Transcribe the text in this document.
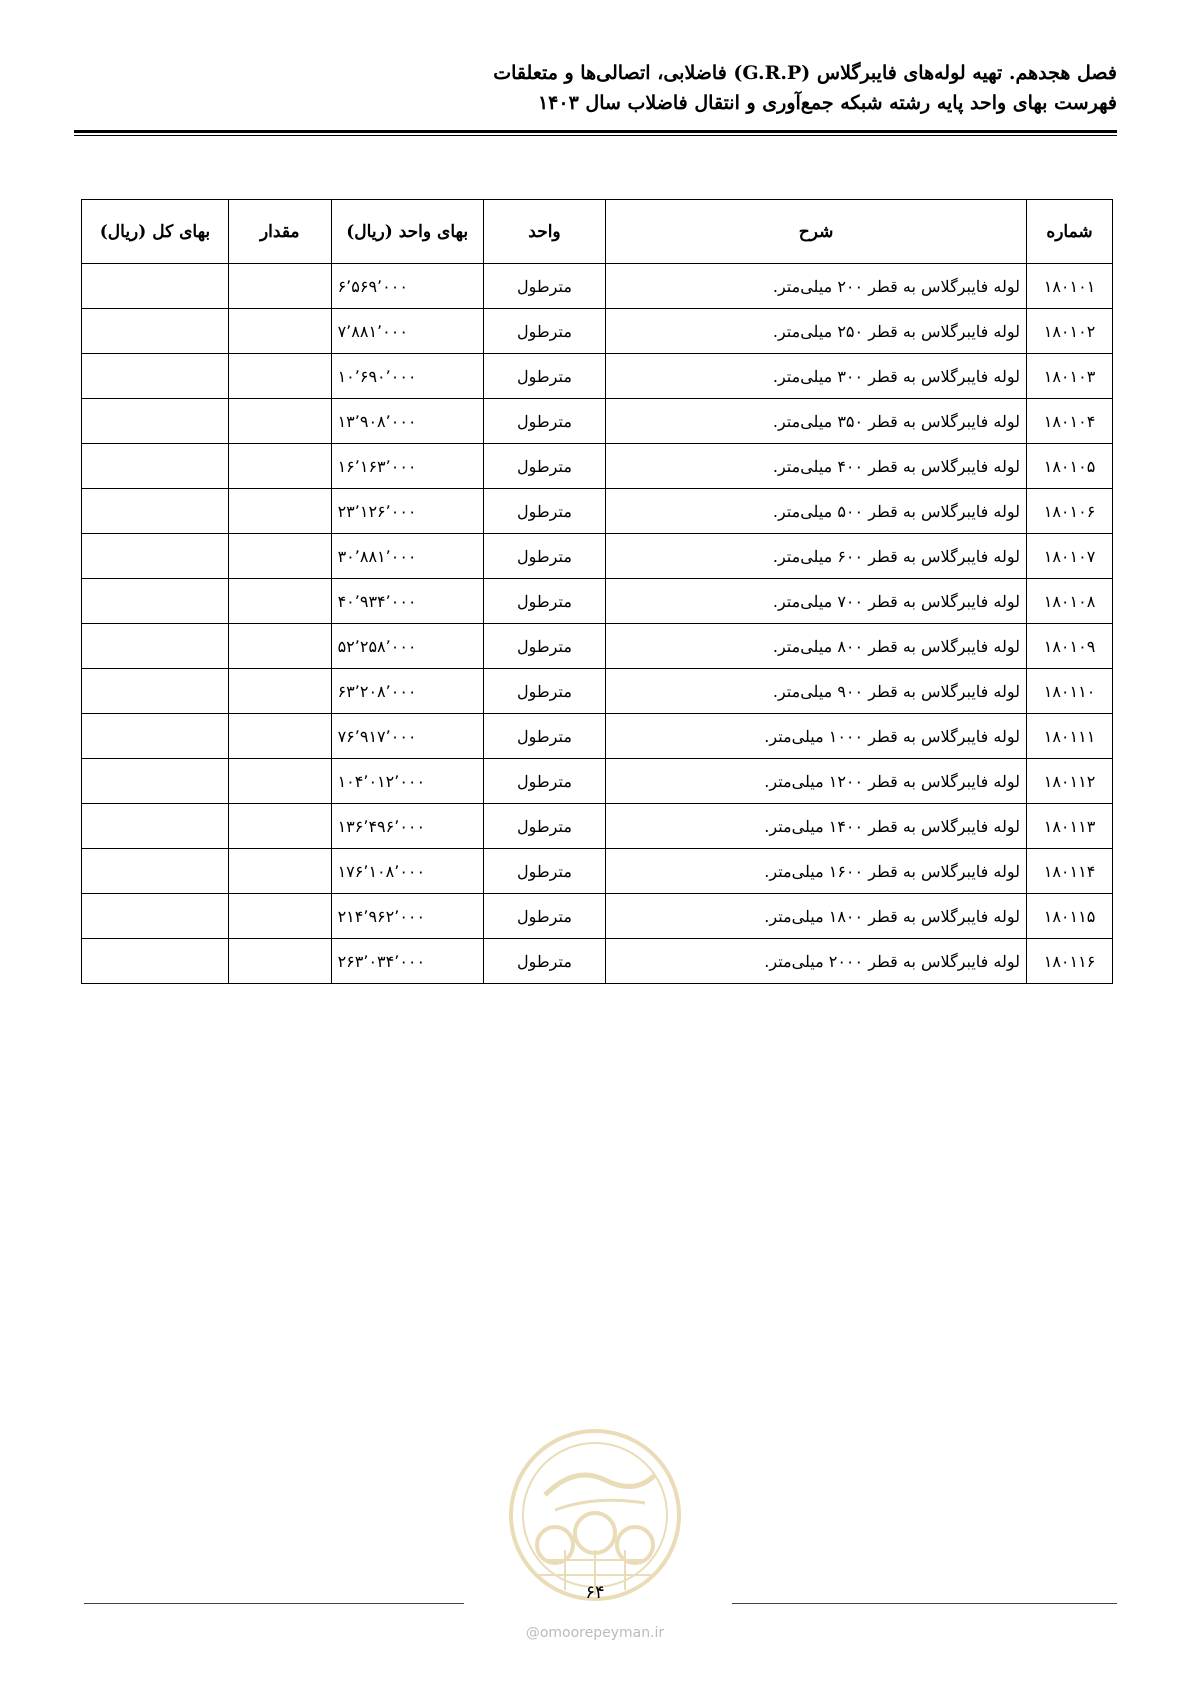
فصل هجدهم. تهیه لوله‌های فایبرگلاس (G.R.P) فاضلابی، اتصالی‌ها و متعلقات
فهرست بهای واحد پایه رشته شبکه جمع‌آوری و انتقال فاضلاب سال ۱۴۰۳
شماره	شرح	واحد	بهای واحد (ریال)	مقدار	بهای کل (ریال)
۱۸۰۱۰۱	لوله فایبرگلاس به قطر ۲۰۰ میلی‌متر.	مترطول	۶٬۵۶۹٬۰۰۰		
۱۸۰۱۰۲	لوله فایبرگلاس به قطر ۲۵۰ میلی‌متر.	مترطول	۷٬۸۸۱٬۰۰۰		
۱۸۰۱۰۳	لوله فایبرگلاس به قطر ۳۰۰ میلی‌متر.	مترطول	۱۰٬۶۹۰٬۰۰۰		
۱۸۰۱۰۴	لوله فایبرگلاس به قطر ۳۵۰ میلی‌متر.	مترطول	۱۳٬۹۰۸٬۰۰۰		
۱۸۰۱۰۵	لوله فایبرگلاس به قطر ۴۰۰ میلی‌متر.	مترطول	۱۶٬۱۶۳٬۰۰۰		
۱۸۰۱۰۶	لوله فایبرگلاس به قطر ۵۰۰ میلی‌متر.	مترطول	۲۳٬۱۲۶٬۰۰۰		
۱۸۰۱۰۷	لوله فایبرگلاس به قطر ۶۰۰ میلی‌متر.	مترطول	۳۰٬۸۸۱٬۰۰۰		
۱۸۰۱۰۸	لوله فایبرگلاس به قطر ۷۰۰ میلی‌متر.	مترطول	۴۰٬۹۳۴٬۰۰۰		
۱۸۰۱۰۹	لوله فایبرگلاس به قطر ۸۰۰ میلی‌متر.	مترطول	۵۲٬۲۵۸٬۰۰۰		
۱۸۰۱۱۰	لوله فایبرگلاس به قطر ۹۰۰ میلی‌متر.	مترطول	۶۳٬۲۰۸٬۰۰۰		
۱۸۰۱۱۱	لوله فایبرگلاس به قطر ۱۰۰۰ میلی‌متر.	مترطول	۷۶٬۹۱۷٬۰۰۰		
۱۸۰۱۱۲	لوله فایبرگلاس به قطر ۱۲۰۰ میلی‌متر.	مترطول	۱۰۴٬۰۱۲٬۰۰۰		
۱۸۰۱۱۳	لوله فایبرگلاس به قطر ۱۴۰۰ میلی‌متر.	مترطول	۱۳۶٬۴۹۶٬۰۰۰		
۱۸۰۱۱۴	لوله فایبرگلاس به قطر ۱۶۰۰ میلی‌متر.	مترطول	۱۷۶٬۱۰۸٬۰۰۰		
۱۸۰۱۱۵	لوله فایبرگلاس به قطر ۱۸۰۰ میلی‌متر.	مترطول	۲۱۴٬۹۶۲٬۰۰۰		
۱۸۰۱۱۶	لوله فایبرگلاس به قطر ۲۰۰۰ میلی‌متر.	مترطول	۲۶۳٬۰۳۴٬۰۰۰		
۶۴
@omoorepeyman.ir
